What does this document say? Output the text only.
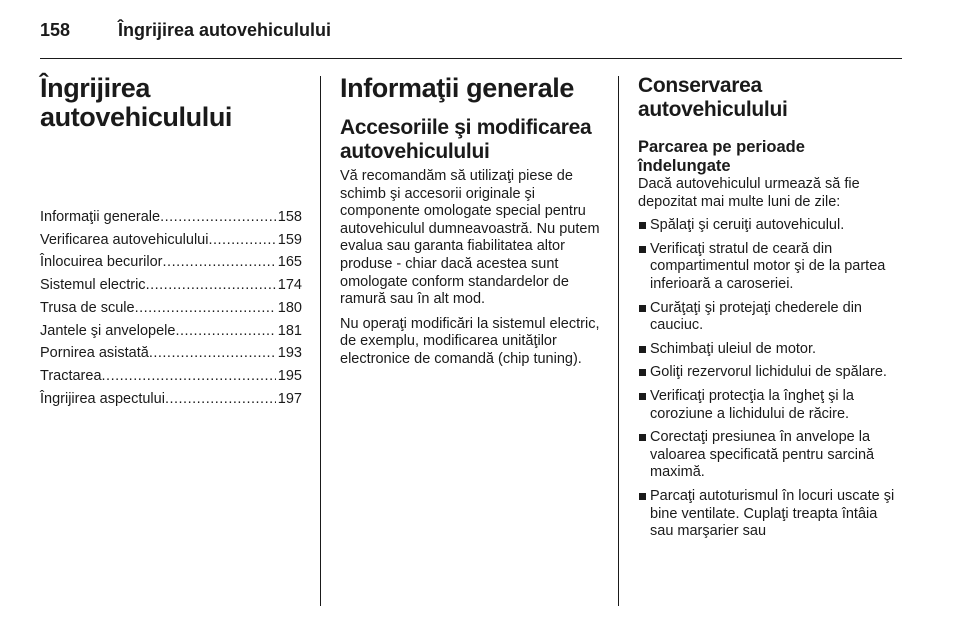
158	Îngrijirea autovehiculului
Îngrijirea
autovehiculului
Informaţii generale .....	158
Verificarea autovehiculului .....	159
Înlocuirea becurilor .....	165
Sistemul electric .....	174
Trusa de scule .....	180
Jantele şi anvelopele .....	181
Pornirea asistată .....	193
Tractarea .....	195
Îngrijirea aspectului .....	197
Informaţii generale
Accesoriile şi modificarea
autovehiculului

Vă recomandăm să utilizaţi piese de schimb şi accesorii originale şi componente omologate special pentru autovehiculul dumneavoastră. Nu putem evalua sau garanta fiabilitatea altor produse - chiar dacă acestea sunt omologate conform standardelor de ramură sau în alt mod.

Nu operaţi modificări la sistemul electric, de exemplu, modificarea unităţilor electronice de comandă (chip tuning).

Conservarea
autovehiculului
Parcarea pe perioade
îndelungate

Dacă autovehiculul urmează să fie depozitat mai multe luni de zile:

Spălaţi şi ceruiţi autovehiculul.
Verificaţi stratul de ceară din compartimentul motor şi de la partea inferioară a caroseriei.
Curăţaţi şi protejaţi chederele din cauciuc.
Schimbaţi uleiul de motor.
Goliţi rezervorul lichidului de spălare.
Verificaţi protecţia la îngheţ şi la coroziune a lichidului de răcire.
Corectaţi presiunea în anvelope la valoarea specificată pentru sarcină maximă.
Parcaţi autoturismul în locuri uscate şi bine ventilate. Cuplaţi treapta întâia sau marşarier sau
